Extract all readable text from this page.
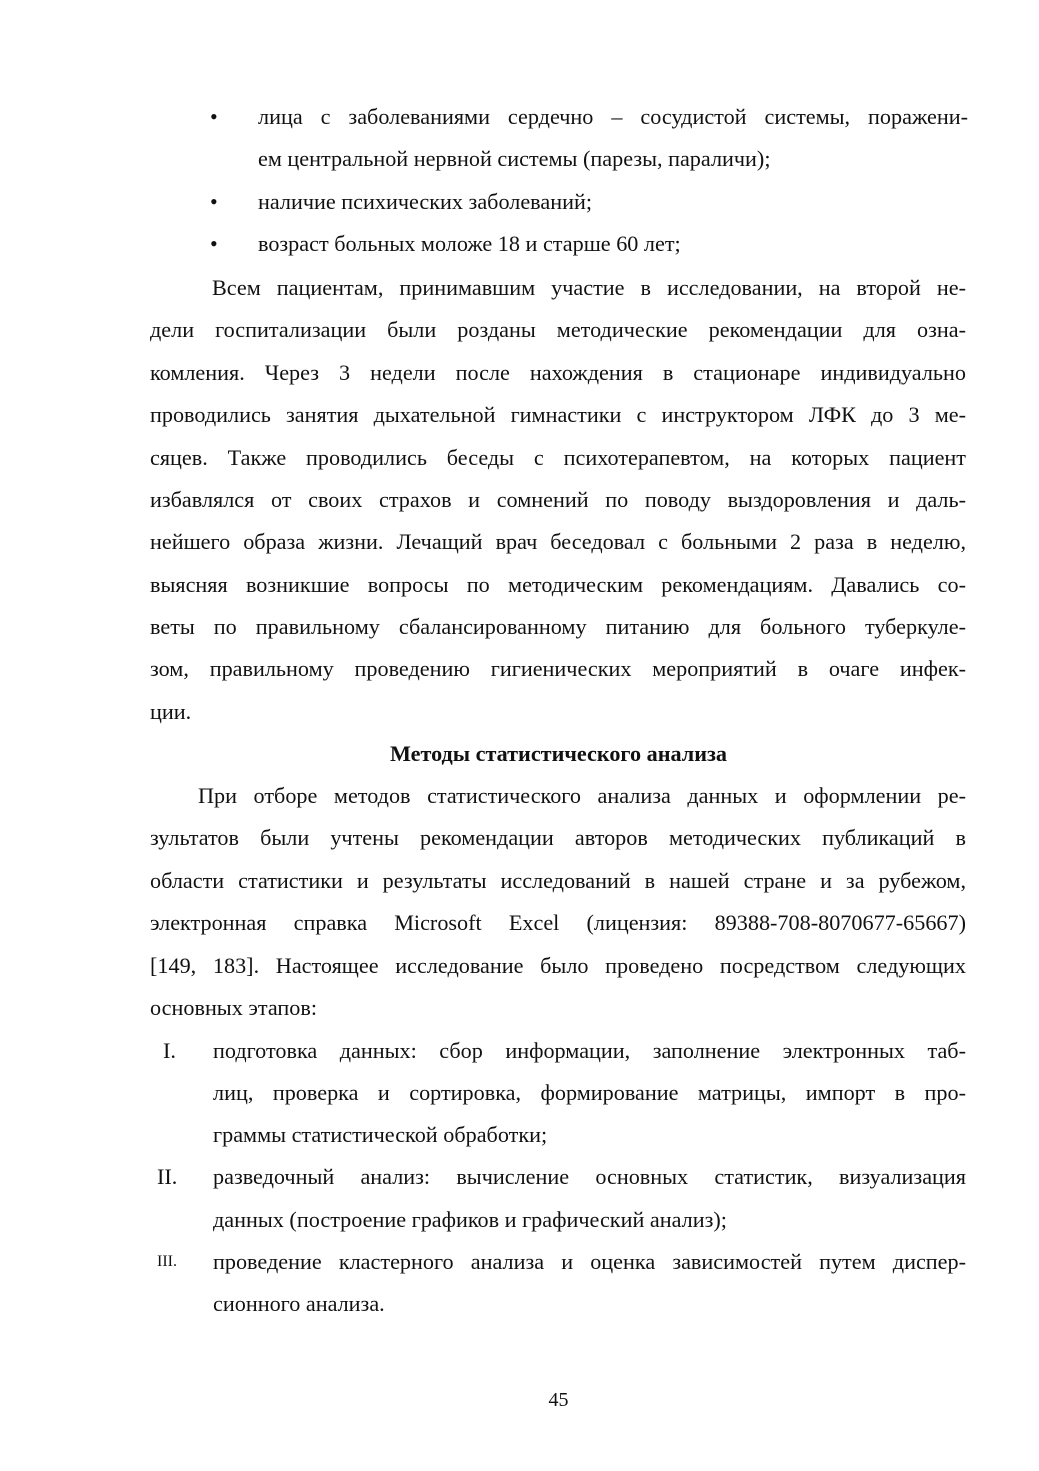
• лица с заболеваниями сердечно – сосудистой системы, поражени-
ем центральной нервной системы (парезы, параличи);
• наличие психических заболеваний;
• возраст больных моложе 18 и старше 60 лет;
Всем пациентам, принимавшим участие в исследовании, на второй не-
дели госпитализации были розданы методические рекомендации для озна-
комления. Через 3 недели после нахождения в стационаре индивидуально
проводились занятия дыхательной гимнастики с инструктором ЛФК до 3 ме-
сяцев. Также проводились беседы с психотерапевтом, на которых пациент
избавлялся от своих страхов и сомнений по поводу выздоровления и даль-
нейшего образа жизни. Лечащий врач беседовал с больными 2 раза в неделю,
выясняя возникшие вопросы по методическим рекомендациям. Давались со-
веты по правильному сбалансированному питанию для больного туберкуле-
зом, правильному проведению гигиенических мероприятий в очаге инфек-
ции.
Методы статистического анализа
При отборе методов статистического анализа данных и оформлении ре-
зультатов были учтены рекомендации авторов методических публикаций в
области статистики и результаты исследований в нашей стране и за рубежом,
электронная справка Microsoft Excel (лицензия: 89388-708-8070677-65667)
[149, 183]. Настоящее исследование было проведено посредством следующих
основных этапов:
I. подготовка данных: сбор информации, заполнение электронных таб-
лиц, проверка и сортировка, формирование матрицы, импорт в про-
граммы статистической обработки;
II. разведочный анализ: вычисление основных статистик, визуализация
данных (построение графиков и графический анализ);
III. проведение кластерного анализа и оценка зависимостей путем диспер-
сионного анализа.
45
